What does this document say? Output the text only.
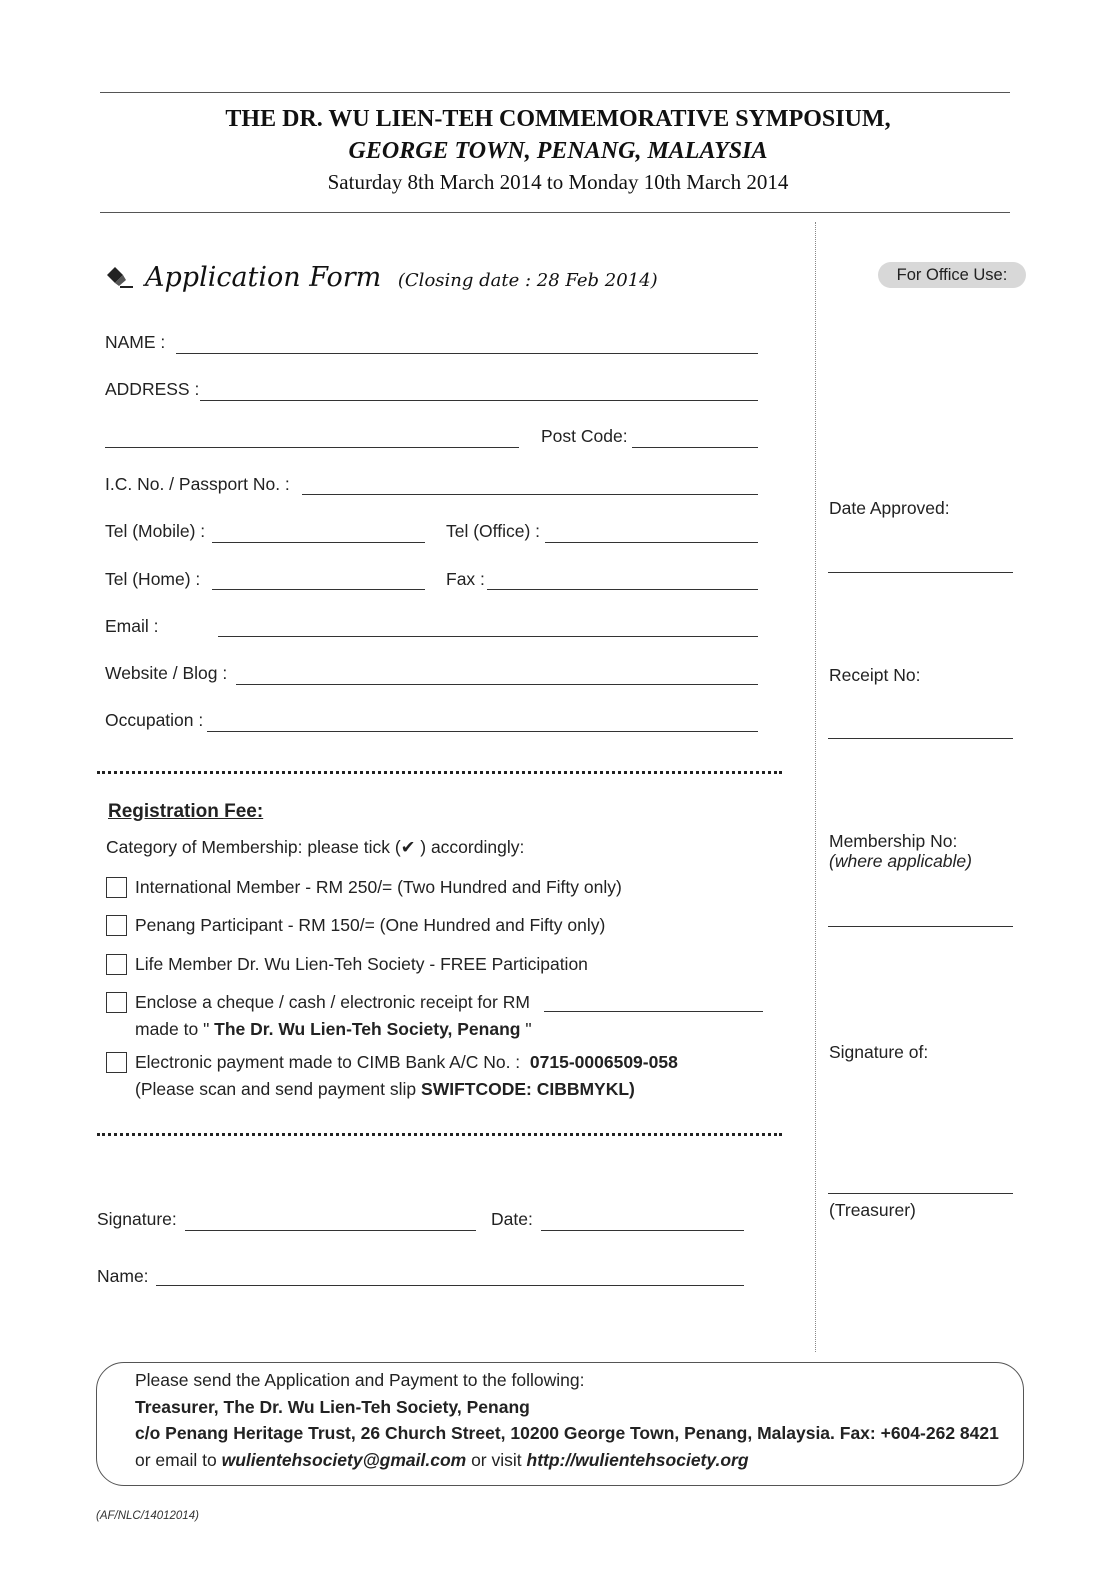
THE DR. WU LIEN-TEH COMMEMORATIVE SYMPOSIUM,
GEORGE TOWN, PENANG, MALAYSIA
Saturday 8th March 2014 to Monday 10th March 2014
Application Form (Closing date : 28 Feb 2014)	For Office Use:
NAME :
ADDRESS :
Post Code:
I.C. No. / Passport No. :
Tel (Mobile) :	Tel (Office) :
Tel (Home) :	Fax :
Email :
Website / Blog :
Occupation :
Date Approved:
Receipt No:
Membership No:
(where applicable)
Signature of:
(Treasurer)
Registration Fee:
Category of Membership: please tick (✔ ) accordingly:
International Member - RM 250/= (Two Hundred and Fifty only)
Penang Participant - RM 150/= (One Hundred and Fifty only)
Life Member Dr. Wu Lien-Teh Society - FREE Participation
Enclose a cheque / cash / electronic receipt for RM
made to " The Dr. Wu Lien-Teh Society, Penang "
Electronic payment made to CIMB Bank A/C No. : 0715-0006509-058
(Please scan and send payment slip SWIFTCODE: CIBBMYKL)
Signature:	Date:
Name:
Please send the Application and Payment to the following:
Treasurer, The Dr. Wu Lien-Teh Society, Penang
c/o Penang Heritage Trust, 26 Church Street, 10200 George Town, Penang, Malaysia. Fax: +604-262 8421
or email to wulientehsociety@gmail.com or visit http://wulientehsociety.org
(AF/NLC/14012014)
